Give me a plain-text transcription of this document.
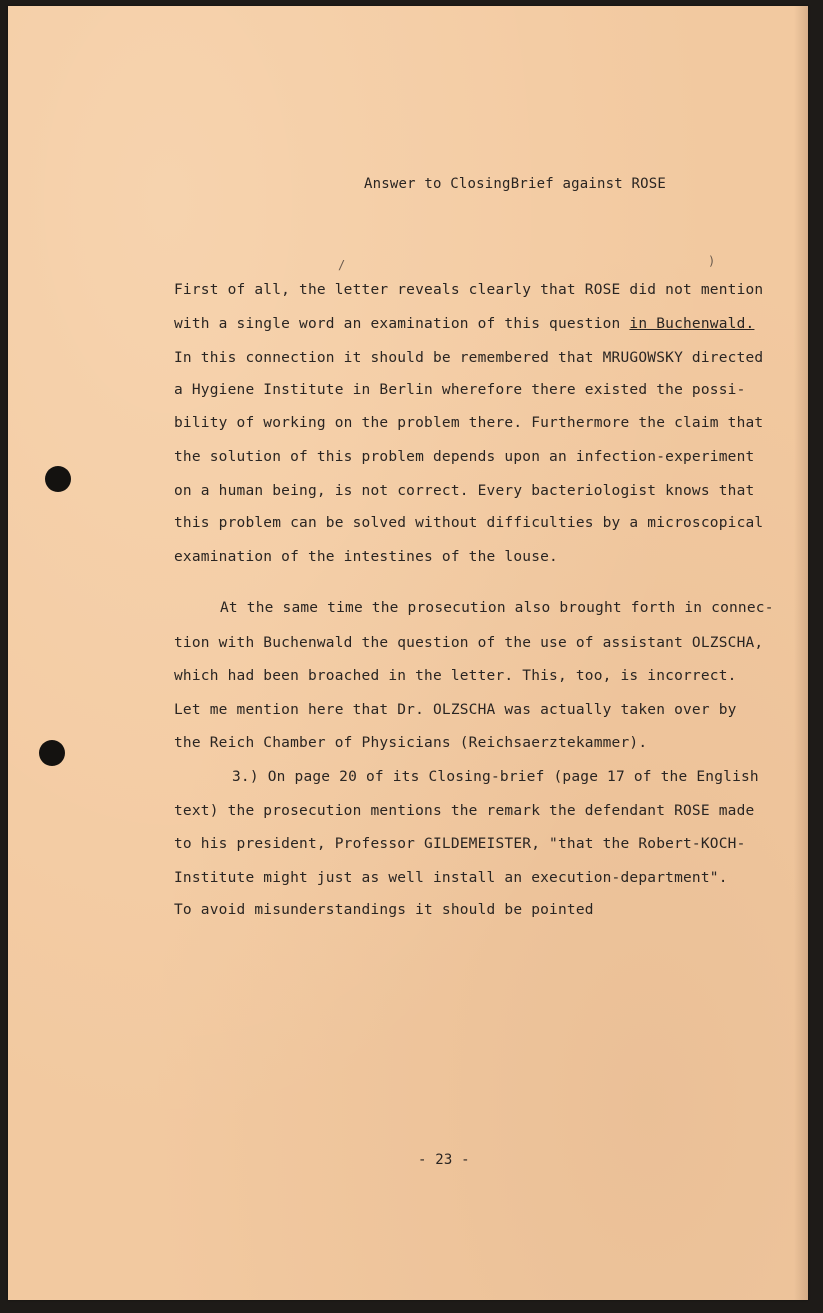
/	)
Answer to ClosingBrief against ROSE
First of all, the letter reveals clearly that ROSE did not mention
with a single word an examination of this question in Buchenwald.
In this connection it should be remembered that MRUGOWSKY directed
a Hygiene Institute in Berlin wherefore there existed the possi-
bility of working on the problem there. Furthermore the claim that
the solution of this problem depends upon an infection-experiment
on a human being, is not correct. Every bacteriologist knows that
this problem can be solved without difficulties by a microscopical
examination of the intestines of the louse.
At the same time the prosecution also brought forth in connec-
tion with Buchenwald the question of the use of assistant OLZSCHA,
which had been broached in the letter. This, too, is incorrect.
Let me mention here that Dr. OLZSCHA was actually taken over by
the Reich Chamber of Physicians (Reichsaerztekammer).
3.) On page 20 of its Closing-brief (page 17 of the English
text) the prosecution mentions the remark the defendant ROSE made
to his president, Professor GILDEMEISTER, "that the Robert-KOCH-
Institute might just as well install an execution-department".
To avoid misunderstandings it should be pointed
- 23 -
